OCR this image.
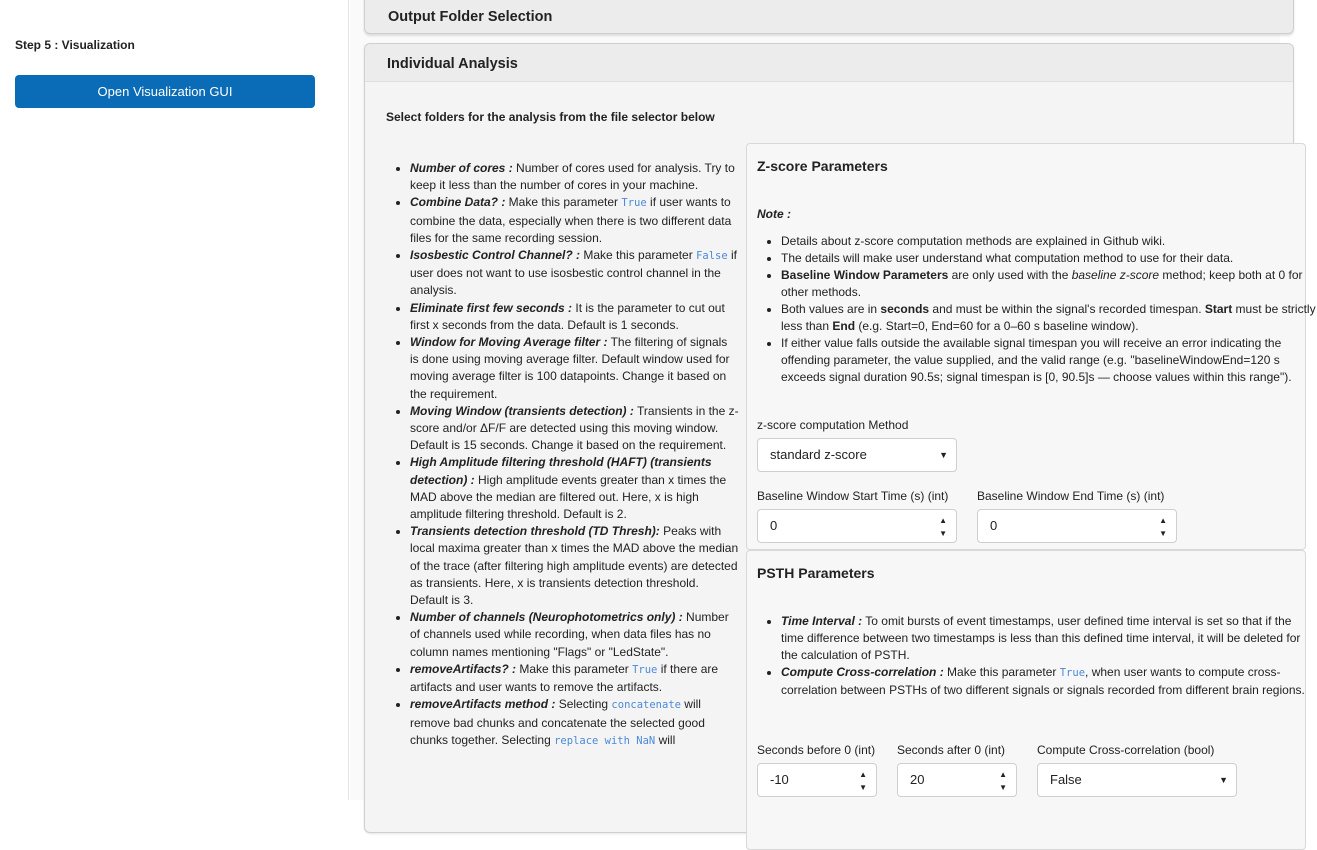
Step 5 : Visualization
Open Visualization GUI
Output Folder Selection
Individual Analysis
Select folders for the analysis from the file selector below
• Number of cores : Number of cores used for analysis. Try to keep it less than the number of cores in your machine.
• Combine Data? : Make this parameter True if user wants to combine the data, especially when there is two different data files for the same recording session.
• Isosbestic Control Channel? : Make this parameter False if user does not want to use isosbestic control channel in the analysis.
• Eliminate first few seconds : It is the parameter to cut out first x seconds from the data. Default is 1 seconds.
• Window for Moving Average filter : The filtering of signals is done using moving average filter. Default window used for moving average filter is 100 datapoints. Change it based on the requirement.
• Moving Window (transients detection) : Transients in the z-score and/or ΔF/F are detected using this moving window. Default is 15 seconds. Change it based on the requirement.
• High Amplitude filtering threshold (HAFT) (transients detection) : High amplitude events greater than x times the MAD above the median are filtered out. Here, x is high amplitude filtering threshold. Default is 2.
• Transients detection threshold (TD Thresh): Peaks with local maxima greater than x times the MAD above the median of the trace (after filtering high amplitude events) are detected as transients. Here, x is transients detection threshold. Default is 3.
• Number of channels (Neurophotometrics only) : Number of channels used while recording, when data files has no column names mentioning "Flags" or "LedState".
• removeArtifacts? : Make this parameter True if there are artifacts and user wants to remove the artifacts.
• removeArtifacts method : Selecting concatenate will remove bad chunks and concatenate the selected good chunks together. Selecting replace with NaN will
Z-score Parameters
Note :
• Details about z-score computation methods are explained in Github wiki.
• The details will make user understand what computation method to use for their data.
• Baseline Window Parameters are only used with the baseline z-score method; keep both at 0 for other methods.
• Both values are in seconds and must be within the signal's recorded timespan. Start must be strictly less than End (e.g. Start=0, End=60 for a 0–60 s baseline window).
• If either value falls outside the available signal timespan you will receive an error indicating the offending parameter, the value supplied, and the valid range (e.g. "baselineWindowEnd=120 s exceeds signal duration 90.5s; signal timespan is [0, 90.5]s — choose values within this range").
z-score computation Method
standard z-score	▼
Baseline Window Start Time (s) (int)
0	▲
▼
Baseline Window End Time (s) (int)
0	▲
▼
PSTH Parameters
• Time Interval : To omit bursts of event timestamps, user defined time interval is set so that if the time difference between two timestamps is less than this defined time interval, it will be deleted for the calculation of PSTH.
• Compute Cross-correlation : Make this parameter True, when user wants to compute cross-correlation between PSTHs of two different signals or signals recorded from different brain regions.
Seconds before 0 (int)
-10	▲
▼
Seconds after 0 (int)
20	▲
▼
Compute Cross-correlation (bool)
False	▼
